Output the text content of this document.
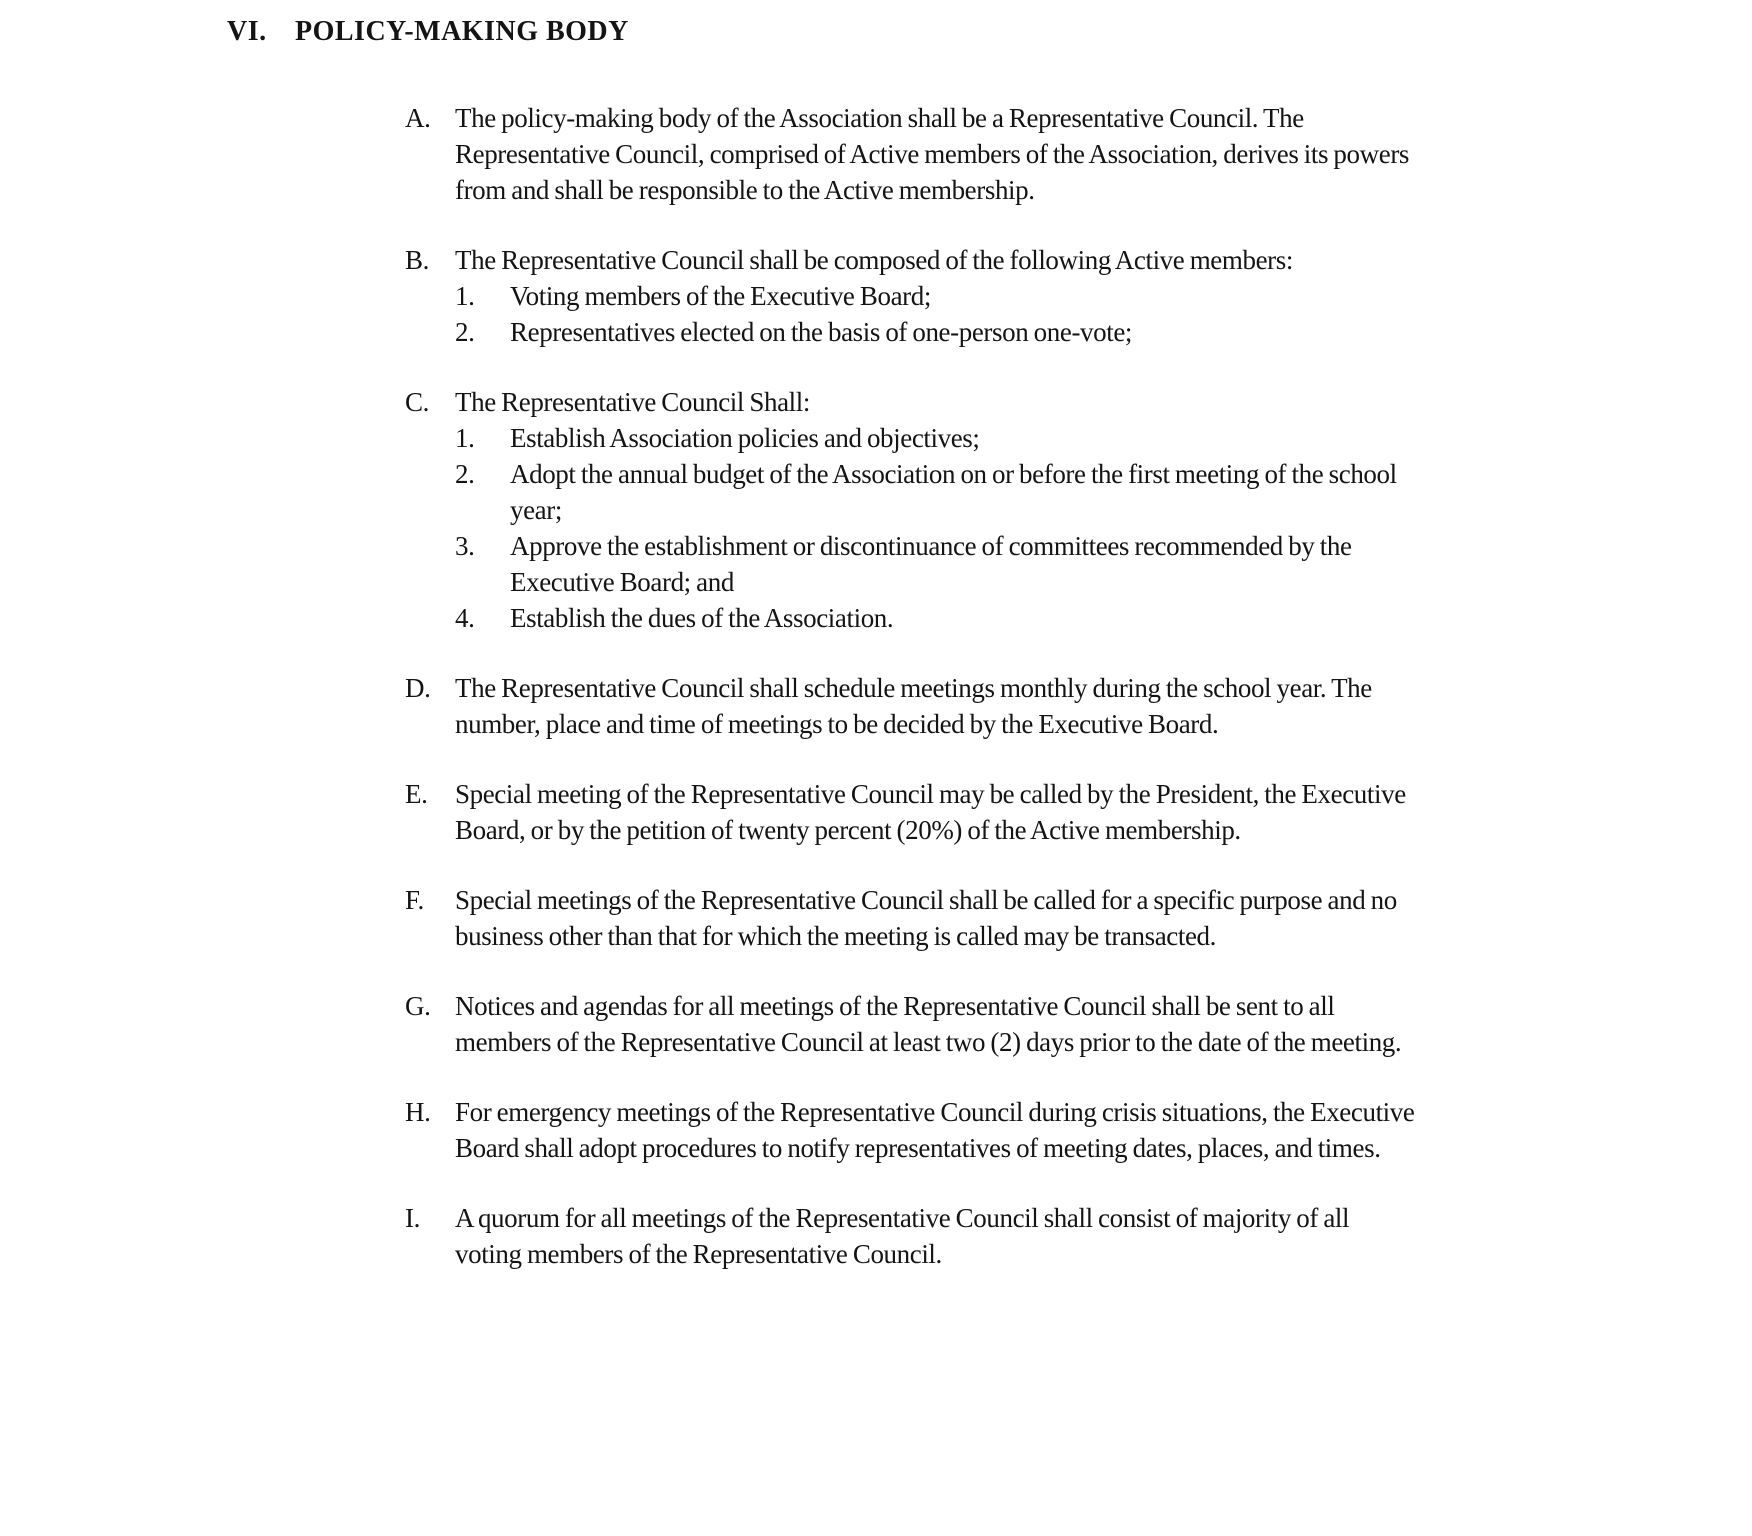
VI.	POLICY-MAKING BODY
A. The policy-making body of the Association shall be a Representative Council. The Representative Council, comprised of Active members of the Association, derives its powers from and shall be responsible to the Active membership.
B. The Representative Council shall be composed of the following Active members:
1.	Voting members of the Executive Board;
2.	Representatives elected on the basis of one-person one-vote;
C. The Representative Council Shall:
1.	Establish Association policies and objectives;
2.	Adopt the annual budget of the Association on or before the first meeting of the school year;
3.	Approve the establishment or discontinuance of committees recommended by the Executive Board; and
4.	Establish the dues of the Association.
D. The Representative Council shall schedule meetings monthly during the school year. The number, place and time of meetings to be decided by the Executive Board.
E.	Special meeting of the Representative Council may be called by the President, the Executive Board, or by the petition of twenty percent (20%) of the Active membership.
F.	Special meetings of the Representative Council shall be called for a specific purpose and no business other than that for which the meeting is called may be transacted.
G. Notices and agendas for all meetings of the Representative Council shall be sent to all members of the Representative Council at least two (2) days prior to the date of the meeting.
H. For emergency meetings of the Representative Council during crisis situations, the Executive Board shall adopt procedures to notify representatives of meeting dates, places, and times.
I.	A quorum for all meetings of the Representative Council shall consist of majority of all voting members of the Representative Council.
